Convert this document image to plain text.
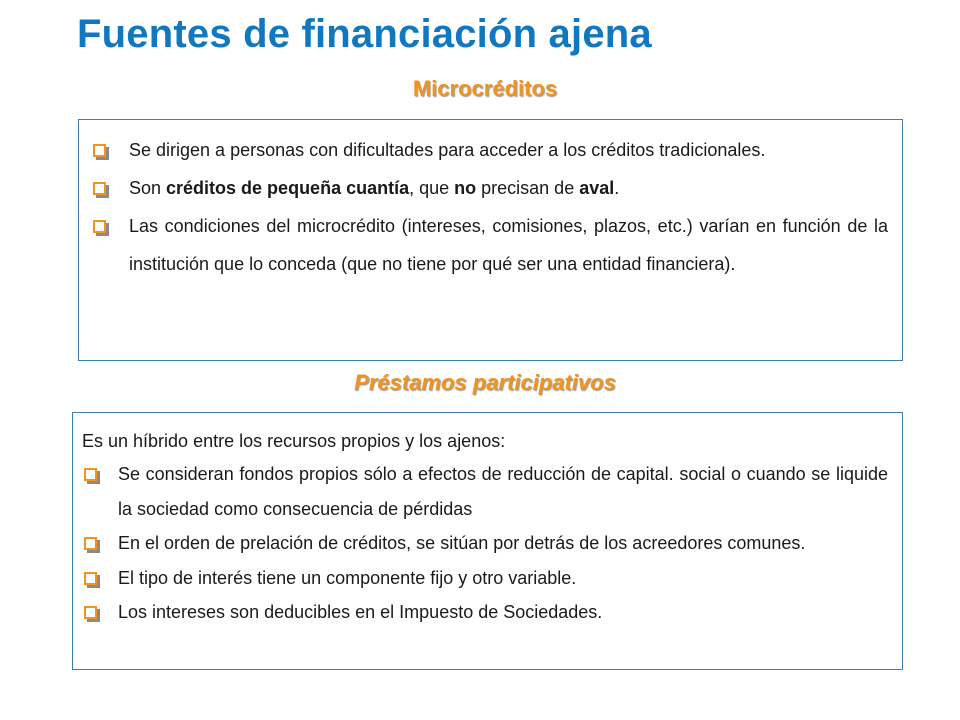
Fuentes de financiación ajena
Microcréditos
Se dirigen a personas con dificultades para acceder a los créditos tradicionales.
Son créditos de pequeña cuantía, que no precisan de aval.
Las condiciones del microcrédito (intereses, comisiones, plazos, etc.) varían en función de la institución que lo conceda (que no tiene por qué ser una entidad financiera).
Préstamos participativos

Es un híbrido entre los recursos propios y los ajenos:

Se consideran fondos propios sólo a efectos de reducción de capital. social o cuando se liquide la sociedad como consecuencia de pérdidas
En el orden de prelación de créditos, se sitúan por detrás de los acreedores comunes.
El tipo de interés tiene un componente fijo y otro variable.
Los intereses son deducibles en el Impuesto de Sociedades.
